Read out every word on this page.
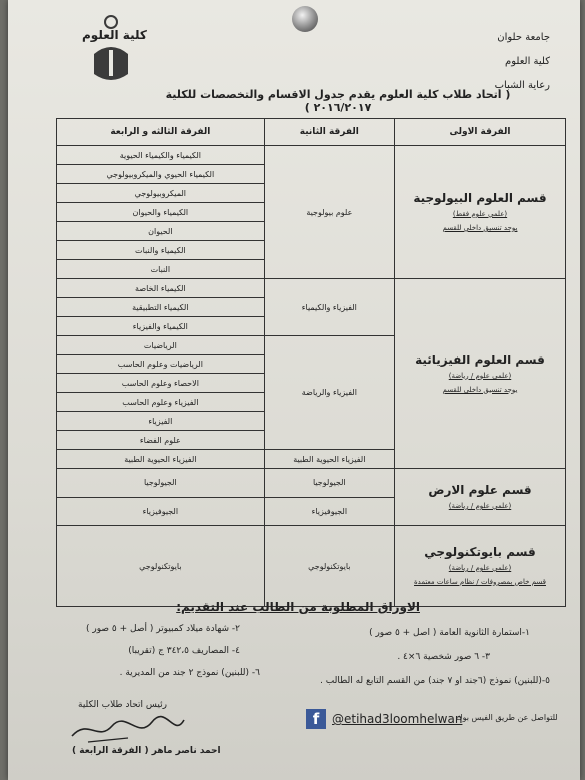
كلية العلوم	جامعة حلوان
كلية العلوم
رعاية الشباب
( اتحاد طلاب كلية العلوم يقدم جدول الاقسام والتخصصات للكلية ٢٠١٦/٢٠١٧ )
الفرقة الاولى	الفرقة الثانية	الفرقة الثالثه و الرابعة

قسم العلوم البيولوجية
(علمي علوم فقط)
يوجد تنسيق داخلي للقسم	علوم بيولوجية	الكيمياء والكيمياء الحيوية
		الكيمياء الحيوي والميكروبيولوجي
		الميكروبيولوجي
		الكيمياء والحيوان
		الحيوان
		الكيمياء والنبات
		النبات

قسم العلوم الفيزيائية
(علمي علوم / رياضة)
يوجد تنسيق داخلي للقسم	الفيزياء والكيمياء	الكيمياء الخاصة
		الكيمياء التطبيقية
		الكيمياء والفيزياء
	الفيزياء والرياضة	الرياضيات
		الرياضيات وعلوم الحاسب
		الاحصاء وعلوم الحاسب
		الفيزياء وعلوم الحاسب
		الفيزياء
		علوم الفضاء
	الفيزياء الحيوية الطبية	الفيزياء الحيوية الطبية

قسم علوم الارض
(علمي علوم / رياضة)	الجيولوجيا	الجيولوجيا
	الجيوفيزياء	الجيوفيزياء

قسم بايوتكنولوجي
(علمي علوم / رياضة)
قسم خاص بمصروفات / نظام ساعات معتمدة	بايوتكنولوجي	بايوتكنولوجي
الاوراق المطلوبة من الطالب عند التقديم:
١-استمارة الثانوية العامة ( اصل + ٥ صور )
٢- شهادة ميلاد كمبيوتر ( أصل + ٥ صور )
٣- ٦ صور شخصية ٦×٤ .
٤- المصاريف ٣٤٢،٥ ج (تقريبا)
٥-(للبنين) نموذج (٦جند او ٧ جند) من القسم التابع له الطالب .
٦- (للبنين) نموذج ٢ جند من المديرية .
f	@etihad3loomhelwan
للتواصل عن طريق الفيس بوك
رئيس اتحاد طلاب الكلية
احمد ناصر ماهر ( الفرقة الرابعة )
